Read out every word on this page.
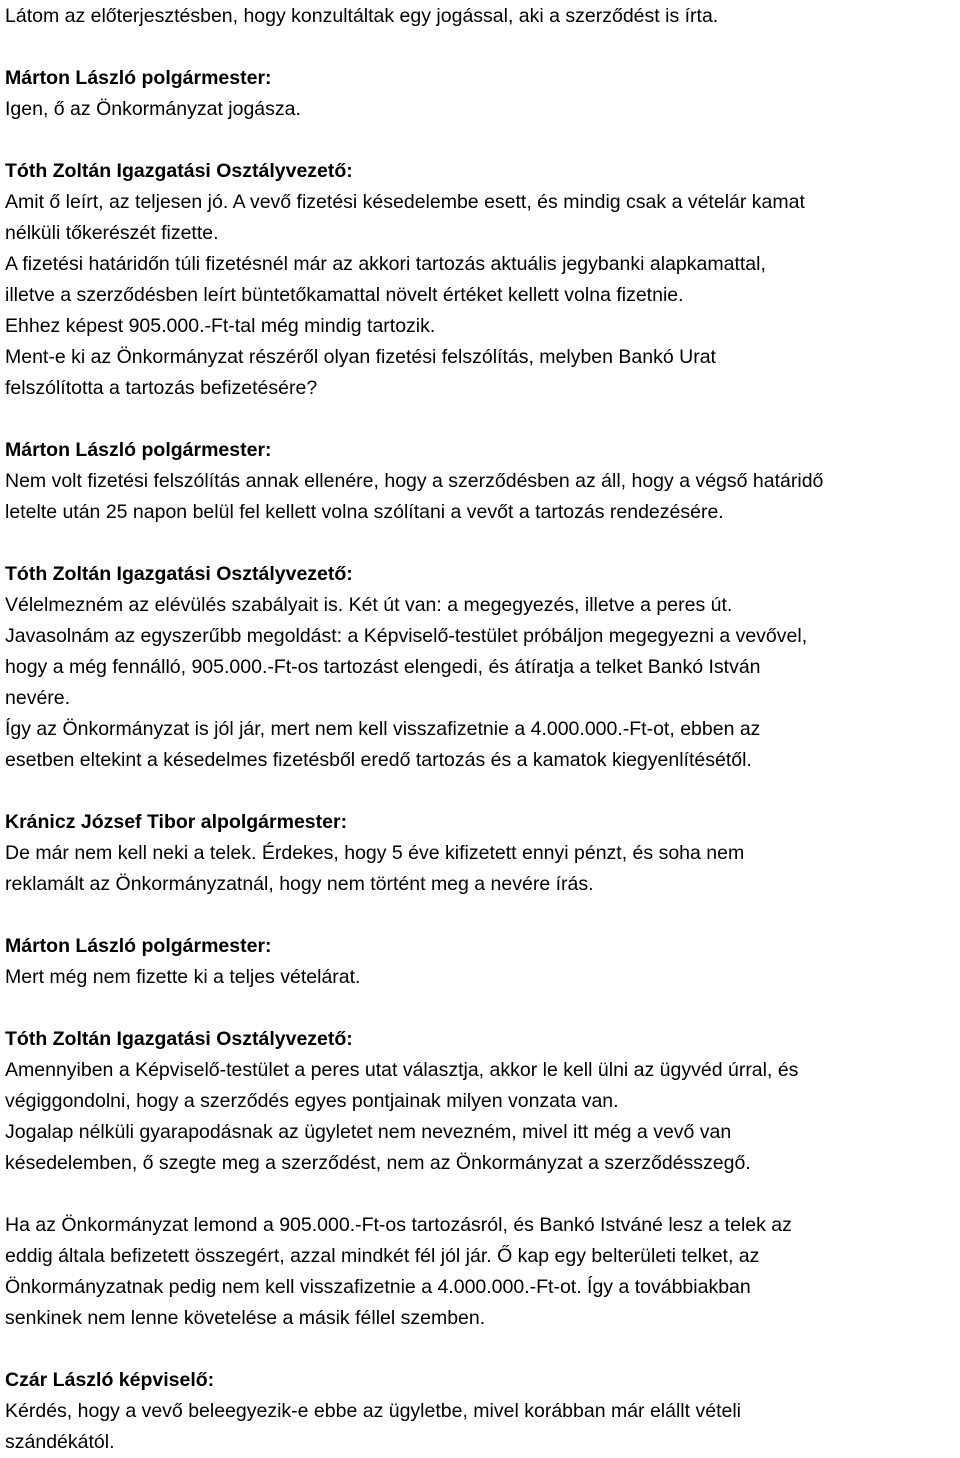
Látom az előterjesztésben, hogy konzultáltak egy jogással, aki a szerződést is írta.
Márton László polgármester:
Igen, ő az Önkormányzat jogásza.
Tóth Zoltán Igazgatási Osztályvezető:
Amit ő leírt, az teljesen jó. A vevő fizetési késedelembe esett, és mindig csak a vételár kamat
nélküli tőkerészét fizette.
A fizetési határidőn túli fizetésnél már az akkori tartozás aktuális jegybanki alapkamattal,
illetve a szerződésben leírt büntetőkamattal növelt értéket kellett volna fizetnie.
Ehhez képest 905.000.-Ft-tal még mindig tartozik.
Ment-e ki az Önkormányzat részéről olyan fizetési felszólítás, melyben Bankó Urat
felszólította a tartozás befizetésére?
Márton László polgármester:
Nem volt fizetési felszólítás annak ellenére, hogy a szerződésben az áll, hogy a végső határidő
letelte után 25 napon belül fel kellett volna szólítani a vevőt a tartozás rendezésére.
Tóth Zoltán Igazgatási Osztályvezető:
Vélelmezném az elévülés szabályait is. Két út van: a megegyezés, illetve a peres út.
Javasolnám az egyszerűbb megoldást: a Képviselő-testület próbáljon megegyezni a vevővel,
hogy a még fennálló, 905.000.-Ft-os tartozást elengedi, és átíratja a telket Bankó István
nevére.
Így az Önkormányzat is jól jár, mert nem kell visszafizetnie a 4.000.000.-Ft-ot, ebben az
esetben eltekint a késedelmes fizetésből eredő tartozás és a kamatok kiegyenlítésétől.
Kránicz József Tibor alpolgármester:
De már nem kell neki a telek. Érdekes, hogy 5 éve kifizetett ennyi pénzt, és soha nem
reklamált az Önkormányzatnál, hogy nem történt meg a nevére írás.
Márton László polgármester:
Mert még nem fizette ki a teljes vételárat.
Tóth Zoltán Igazgatási Osztályvezető:
Amennyiben a Képviselő-testület a peres utat választja, akkor le kell ülni az ügyvéd úrral, és
végiggondolni, hogy a szerződés egyes pontjainak milyen vonzata van.
Jogalap nélküli gyarapodásnak az ügyletet nem nevezném, mivel itt még a vevő van
késedelemben, ő szegte meg a szerződést, nem az Önkormányzat a szerződésszegő.
Ha az Önkormányzat lemond a 905.000.-Ft-os tartozásról, és Bankó Istváné lesz a telek az
eddig általa befizetett összegért, azzal mindkét fél jól jár. Ő kap egy belterületi telket, az
Önkormányzatnak pedig nem kell visszafizetnie a 4.000.000.-Ft-ot. Így a továbbiakban
senkinek nem lenne követelése a másik féllel szemben.
Czár László képviselő:
Kérdés, hogy a vevő beleegyezik-e ebbe az ügyletbe, mivel korábban már elállt vételi
szándékától.
